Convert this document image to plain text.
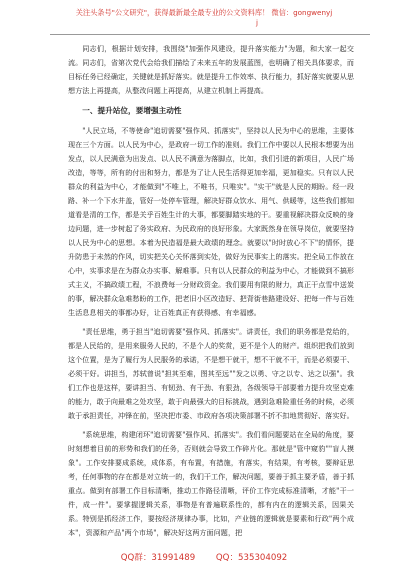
关注头条号"公文研究"，获得最新最全最专业的公文资料库！ 微信：gongwenyj
j

同志们，根据计划安排，我围绕"加强作风建设，提升落实能力"为题，和大家一起交流。同志们，省第次党代会给我们描绘了未来五年的发展蓝图，也明确了相关具体要求，而目标任务已经确定，关键就是抓好落实。就是提升工作效率、执行能力，抓好落实就要从思想方法上再提高，从整改问题上再提高，从建立机制上再提高。

一、提升站位，要增强主动性

"人民立场，不等使命"追切需要"强作风、抓落实"，坚持以人民为中心的思维，主要体现在三个方面。以人民为中心，是政府一切工作的准则。我们工作中要以人民根本想要为出发点，以人民满意为出发点、以人民不满意为落脚点，比如，我们引进的新项目，人民广场改造，等等，所有的付出和努力，都是为了让人民生活得更加幸福，更加稳实。只有以人民群众的利益为中心，才能做到"不唯上，不唯书，只唯实"。"实干"就是人民的期盼。经一段路、补一个下水井盖，管好一处停车管理，解决好群众饮水、用气、供暖等，这些我们都知道看是清的工作，都是关乎百姓生计的大事，都要脚踏实地的干。要重视解决群众反映的身边问题，进一步树起了务实政府、为民政府的良好形象。大家既然身在领导岗位，就要坚持以人民为中心的思想。本着为民造福是最大政绩的理念。就要以"时时放心不下"的情怀，提升防患于未然的作风，切实把关心关怀落到实处，做好为民事实上的落实。把全局工作放在心中，实事求是在为群众办实事、解难事。只有以人民群众的利益为中心，才能做到不搞形式主义，不搞政绩工程，不浪费每一分财政资金。我们要用有限的财力，真正干点雪中送炭的事，解决群众急难愁盼的工作，把老旧小区改造好、把背街巷路建设好、把每一件与百姓生活息息相关的事都办好，让百姓真正有获得感、有幸福感。

"责任思维，勇于担当"追切需要"强作风、抓落实"。讲责任，我们的职务都是党给的，都是人民给的，是用来服务人民的，不是个人的奖赏，更不是个人的财产。组织把我们放到这个位置，是为了履行为人民服务的承诺，不是想干就干，想不干就不干，而是必须要干、必须干好。讲担当，苏轼曾说"担其至难，图其至远""发之以勇、守之以专、达之以强"。我们工作也是这样，要讲担当、有韧劲、有干劲、有狠劲，各级领导干部要着力提升攻坚克难的能力，敢于向最难之处攻坚，敢于向最强大的目标挑战，遇到急难险重任务的时候，必须敢于承担责任，冲锋在前，坚决把市委、市政府各项决策部署不折不扣地贯彻好、落实好。

"系统思维，构建闭环"追切需要"强作风、抓落实"。我们看问题要站在全局的角度，要时刻想着目前的形势和我们的任务，否则就会导致工作碎片化。那就是"管中窥豹""盲人摸象"。工作安排要成系统，成体系，有布置，有措施，有落实，有结果，有考核，要辩证思考，任何事物的存在都是对立统一的，我们干工作，解决问题，要善于抓主要矛盾，善于抓重点。做到有部署工作目标清晰，推动工作路径清晰，评价工作完成标准清晰，才能"干一件，成一件"。要掌握逻辑关系，事物是有普遍联系性的，都有内在的逻辑关系，因果关系。特别是抓经济工作，要按经济规律办事，比如，产业链的逻辑就是要素和行政"两个成本"，资源和产品"两个市场"，解决好这两方面问题，把

QQ群：31991489 QQ：535304092
